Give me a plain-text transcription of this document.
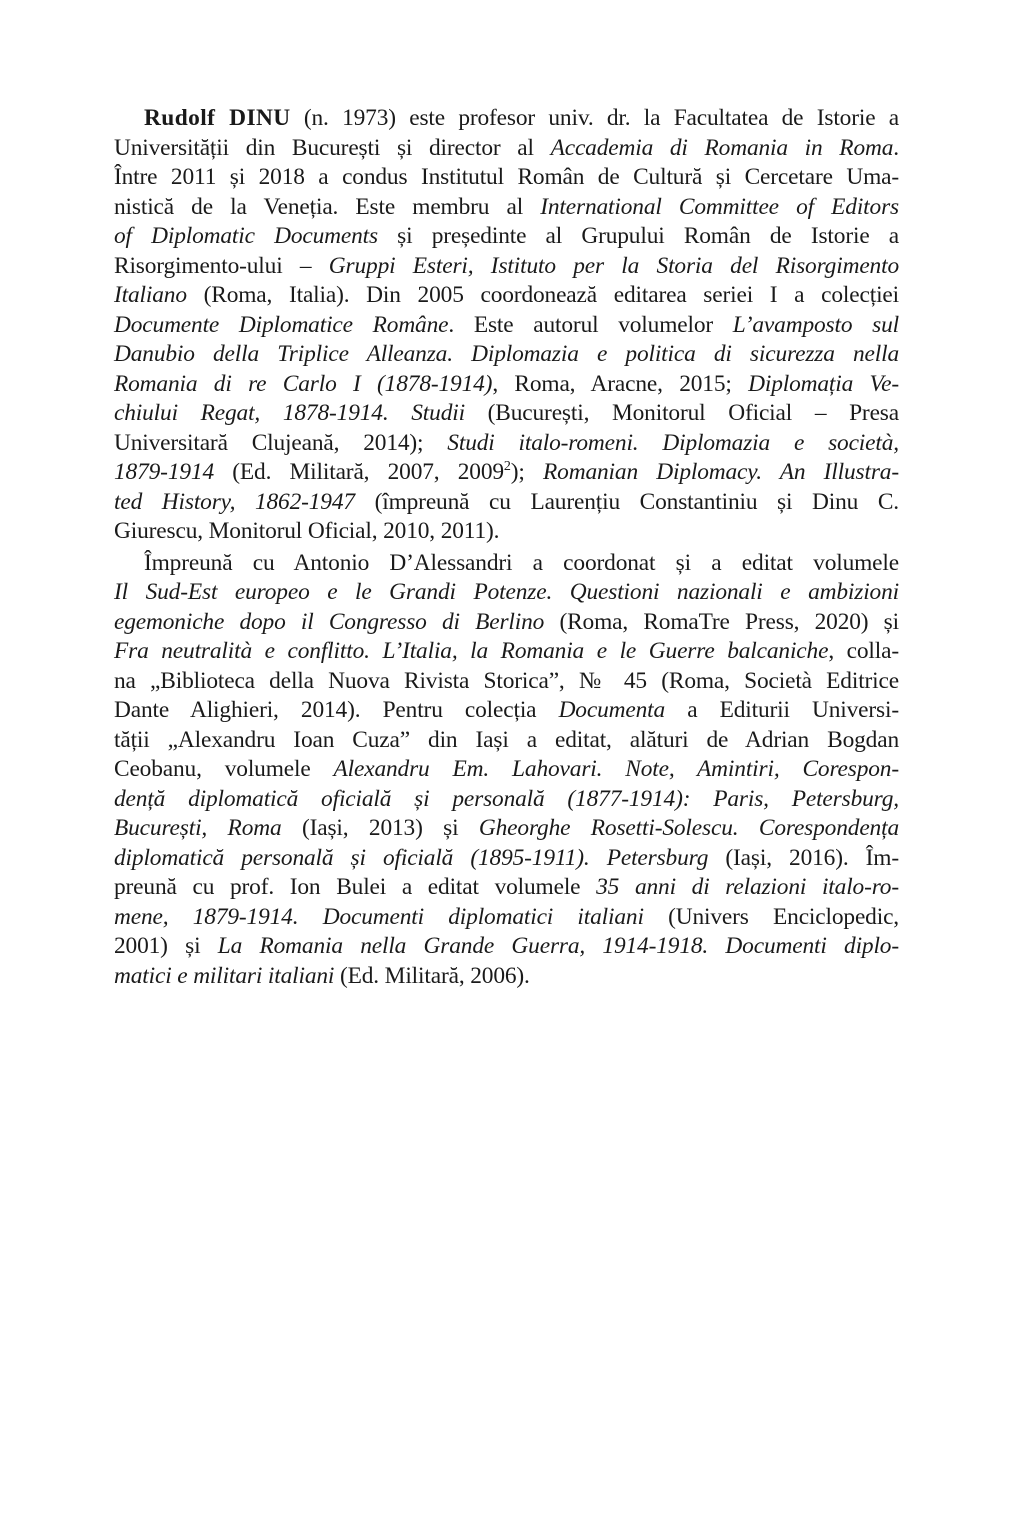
Rudolf DINU (n. 1973) este profesor univ. dr. la Facultatea de Istorie a
Universității din București și director al Accademia di Romania in Roma.
Între 2011 și 2018 a condus Institutul Român de Cultură și Cercetare Uma-
nistică de la Veneția. Este membru al International Committee of Editors
of Diplomatic Documents și președinte al Grupului Român de Istorie a
Risorgimento-ului – Gruppi Esteri, Istituto per la Storia del Risorgimento
Italiano (Roma, Italia). Din 2005 coordonează editarea seriei I a colecției
Documente Diplomatice Române. Este autorul volumelor L’avamposto sul
Danubio della Triplice Alleanza. Diplomazia e politica di sicurezza nella
Romania di re Carlo I (1878-1914), Roma, Aracne, 2015; Diplomația Ve-
chiului Regat, 1878-1914. Studii (București, Monitorul Oficial – Presa
Universitară Clujeană, 2014); Studi italo-romeni. Diplomazia e società,
1879-1914 (Ed. Militară, 2007, 2009$^2$); Romanian Diplomacy. An Illustra-
ted History, 1862-1947 (împreună cu Laurențiu Constantiniu și Dinu C.
Giurescu, Monitorul Oficial, 2010, 2011).
Împreună cu Antonio D’Alessandri a coordonat și a editat volumele
Il Sud-Est europeo e le Grandi Potenze. Questioni nazionali e ambizioni
egemoniche dopo il Congresso di Berlino (Roma, RomaTre Press, 2020) și
Fra neutralità e conflitto. L’Italia, la Romania e le Guerre balcaniche, colla-
na „Biblioteca della Nuova Rivista Storica”, № 45 (Roma, Società Editrice
Dante Alighieri, 2014). Pentru colecția Documenta a Editurii Universi-
tății „Alexandru Ioan Cuza” din Iași a editat, alături de Adrian Bogdan
Ceobanu, volumele Alexandru Em. Lahovari. Note, Amintiri, Corespon-
dență diplomatică oficială și personală (1877-1914): Paris, Petersburg,
București, Roma (Iași, 2013) și Gheorghe Rosetti-Solescu. Corespondența
diplomatică personală și oficială (1895-1911). Petersburg (Iași, 2016). Îm-
preună cu prof. Ion Bulei a editat volumele 35 anni di relazioni italo-ro-
mene, 1879-1914. Documenti diplomatici italiani (Univers Enciclopedic,
2001) și La Romania nella Grande Guerra, 1914-1918. Documenti diplo-
matici e militari italiani (Ed. Militară, 2006).
